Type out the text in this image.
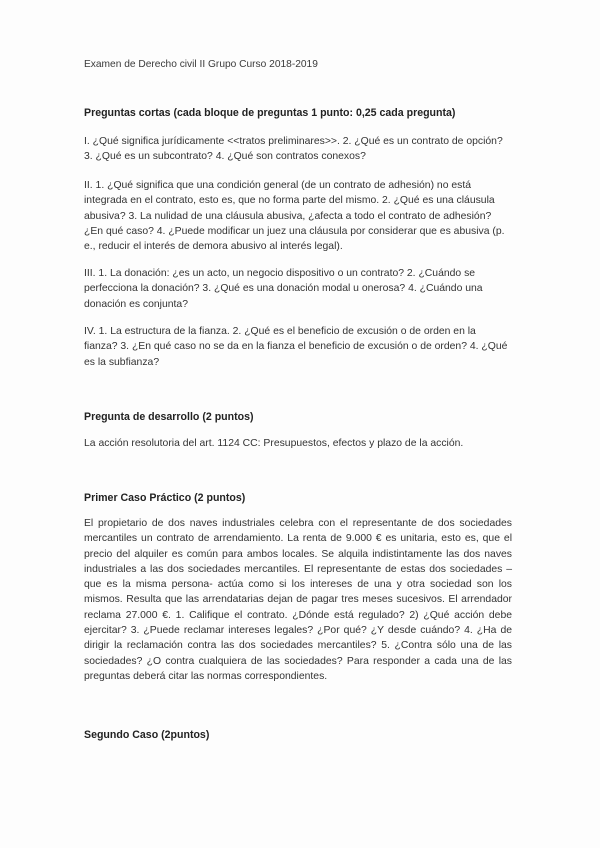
Examen de Derecho civil II Grupo Curso 2018-2019
Preguntas cortas (cada bloque de preguntas 1 punto: 0,25 cada pregunta)
I. ¿Qué significa jurídicamente <<tratos preliminares>>. 2. ¿Qué es un contrato de opción? 3. ¿Qué es un subcontrato? 4. ¿Qué son contratos conexos?
II. 1. ¿Qué significa que una condición general (de un contrato de adhesión) no está integrada en el contrato, esto es, que no forma parte del mismo. 2. ¿Qué es una cláusula abusiva? 3. La nulidad de una cláusula abusiva, ¿afecta a todo el contrato de adhesión? ¿En qué caso? 4. ¿Puede modificar un juez una cláusula por considerar que es abusiva (p. e., reducir el interés de demora abusivo al interés legal).
III. 1. La donación: ¿es un acto, un negocio dispositivo o un contrato? 2. ¿Cuándo se perfecciona la donación? 3. ¿Qué es una donación modal u onerosa? 4. ¿Cuándo una donación es conjunta?
IV. 1. La estructura de la fianza. 2. ¿Qué es el beneficio de excusión o de orden en la fianza? 3. ¿En qué caso no se da en la fianza el beneficio de excusión o de orden? 4. ¿Qué es la subfianza?
Pregunta de desarrollo (2 puntos)
La acción resolutoria del art. 1124 CC: Presupuestos, efectos y plazo de la acción.
Primer Caso Práctico (2 puntos)
El propietario de dos naves industriales celebra con el representante de dos sociedades mercantiles un contrato de arrendamiento. La renta de 9.000 € es unitaria, esto es, que el precio del alquiler es común para ambos locales. Se alquila indistintamente las dos naves industriales a las dos sociedades mercantiles. El representante de estas dos sociedades –que es la misma persona- actúa como si los intereses de una y otra sociedad son los mismos. Resulta que las arrendatarias dejan de pagar tres meses sucesivos. El arrendador reclama 27.000 €. 1. Califique el contrato. ¿Dónde está regulado? 2) ¿Qué acción debe ejercitar? 3. ¿Puede reclamar intereses legales? ¿Por qué? ¿Y desde cuándo? 4. ¿Ha de dirigir la reclamación contra las dos sociedades mercantiles? 5. ¿Contra sólo una de las sociedades? ¿O contra cualquiera de las sociedades? Para responder a cada una de las preguntas deberá citar las normas correspondientes.
Segundo Caso (2puntos)
